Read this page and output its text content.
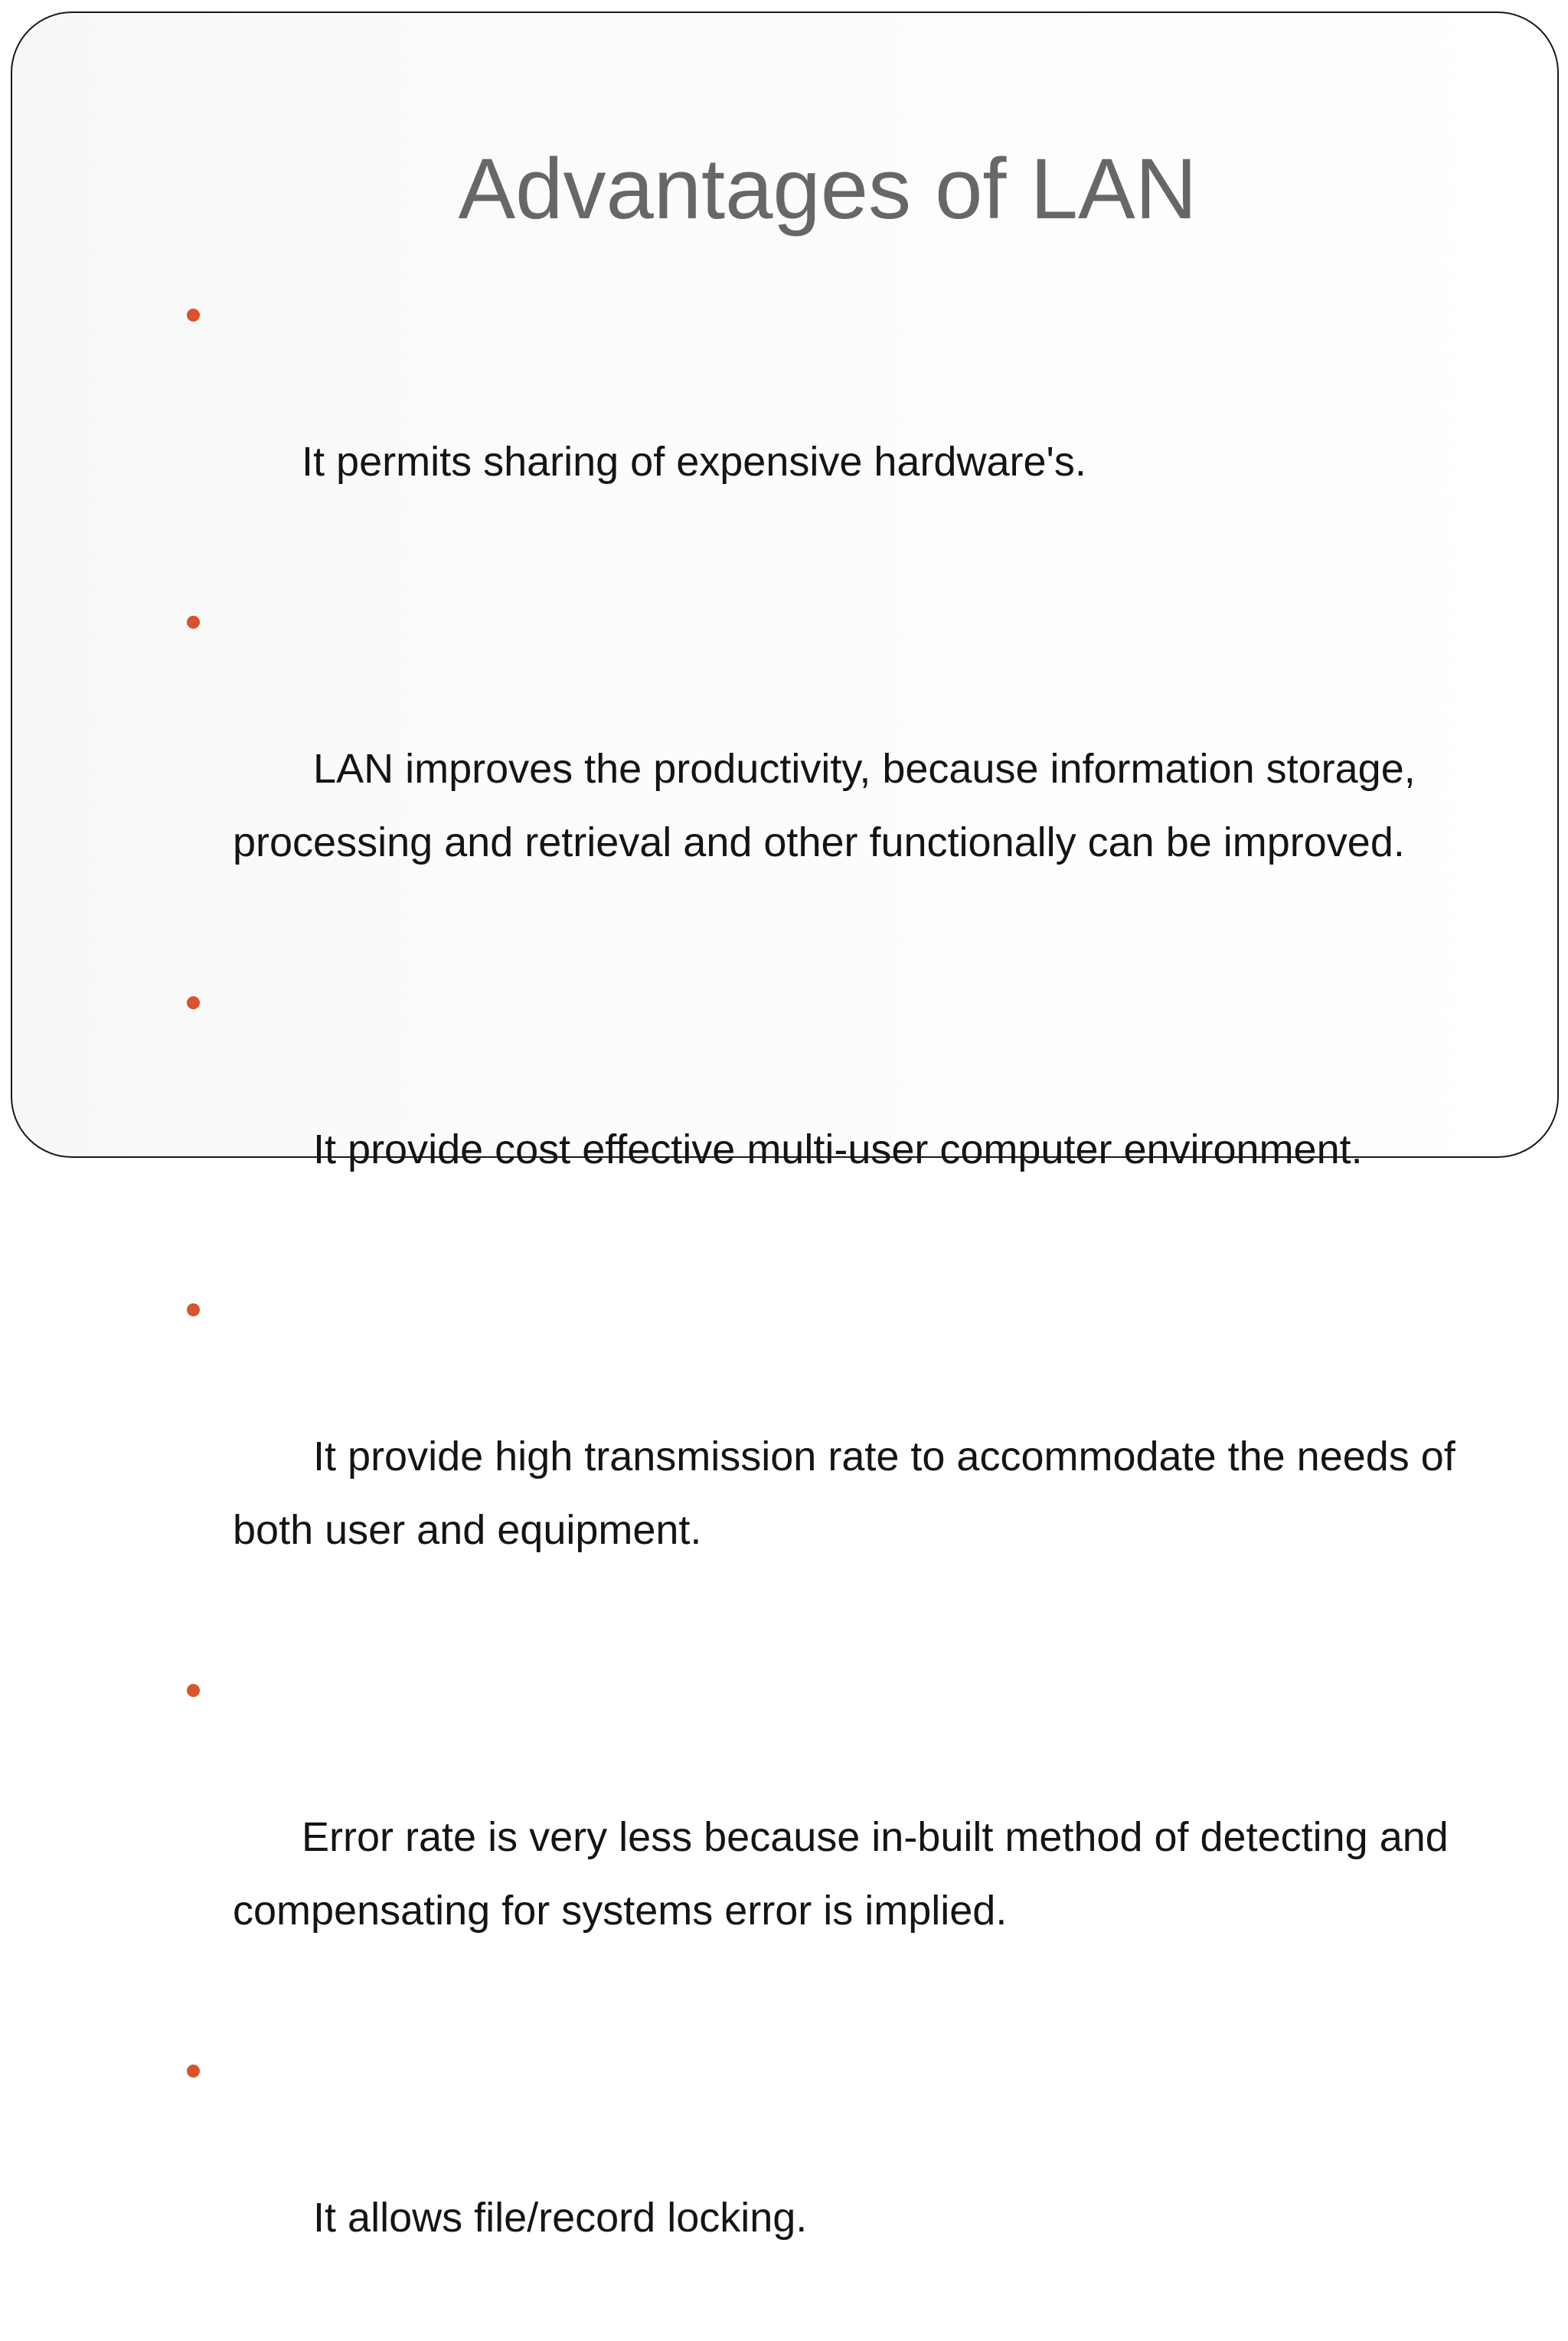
Advantages of LAN

It permits sharing of expensive hardware's.

LAN improves the productivity, because information storage, processing and retrieval and other functionally can be improved.

It provide cost effective multi-user computer environment.

It provide high transmission rate to accommodate the needs of both user and equipment.

Error rate is very less because in-built method of detecting and compensating for systems error is implied.

It allows file/record locking.
